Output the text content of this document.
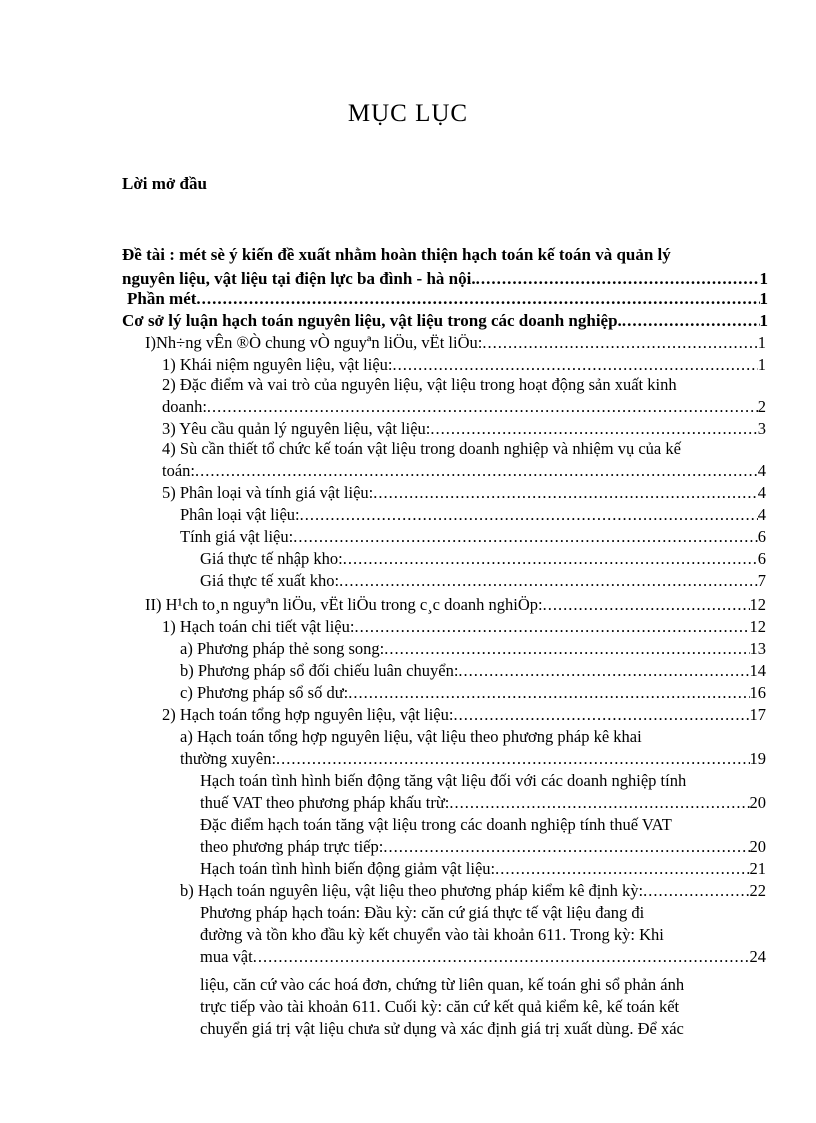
MỤC LỤC
Lời mở đầu
Đề tài : mét sè ý kiến đề xuất nhằm hoàn thiện hạch toán kế toán và quản lý
nguyên liệu, vật liệu tại điện lực ba đình - hà nội. .....	1
Phần mét .....	1
Cơ sở lý luận hạch toán nguyên liệu, vật liệu trong các doanh nghiệp. .....	1
I)Nh÷ng vÊn ®Ò chung vÒ nguyªn liÖu, vËt liÖu: .....	1
1) Khái niệm nguyên liệu, vật liệu: .....	1
2) Đặc điểm và vai trò của nguyên liệu, vật liệu trong hoạt động sản xuất kinh
doanh: .....	2
3) Yêu cầu quản lý nguyên liệu, vật liệu: .....	3
4) Sù cần thiết tổ chức kế toán vật liệu trong doanh nghiệp và nhiệm vụ của kế
toán: .....	4
5) Phân loại và tính giá vật liệu: .....	4
Phân loại vật liệu: .....	4
Tính giá vật liệu: .....	6
Giá thực tế nhập kho: .....	6
Giá thực tế xuất kho: .....	7
II) H¹ch to¸n nguyªn liÖu, vËt liÖu trong c¸c doanh nghiÖp: .....	12
1) Hạch toán chi tiết vật liệu: .....	12
a) Phương pháp thẻ song song: .....	13
b) Phương pháp sổ đối chiếu luân chuyển: .....	14
c) Phương pháp sổ số dư: .....	16
2) Hạch toán tổng hợp nguyên liệu, vật liệu: .....	17
a) Hạch toán tổng hợp nguyên liệu, vật liệu theo phương pháp kê khai
thường xuyên: .....	19
Hạch toán tình hình biến động tăng vật liệu đối với các doanh nghiệp tính
thuế VAT theo phương pháp khấu trừ: .....	20
Đặc điểm hạch toán tăng vật liệu trong các doanh nghiệp tính thuế VAT
theo phương pháp trực tiếp: .....	20
Hạch toán tình hình biến động giảm vật liệu: .....	21
b) Hạch toán nguyên liệu, vật liệu theo phương pháp kiểm kê định kỳ: .....	22
Phương pháp hạch toán: Đầu kỳ: căn cứ giá thực tế vật liệu đang đi
đường và tồn kho đầu kỳ kết chuyển vào tài khoản 611. Trong kỳ: Khi
mua vật .....	24
liệu, căn cứ vào các hoá đơn, chứng từ liên quan, kế toán ghi sổ phản ánh
trực tiếp vào tài khoản 611. Cuối kỳ: căn cứ kết quả kiểm kê, kế toán kết
chuyển giá trị vật liệu chưa sử dụng và xác định giá trị xuất dùng. Để xác
